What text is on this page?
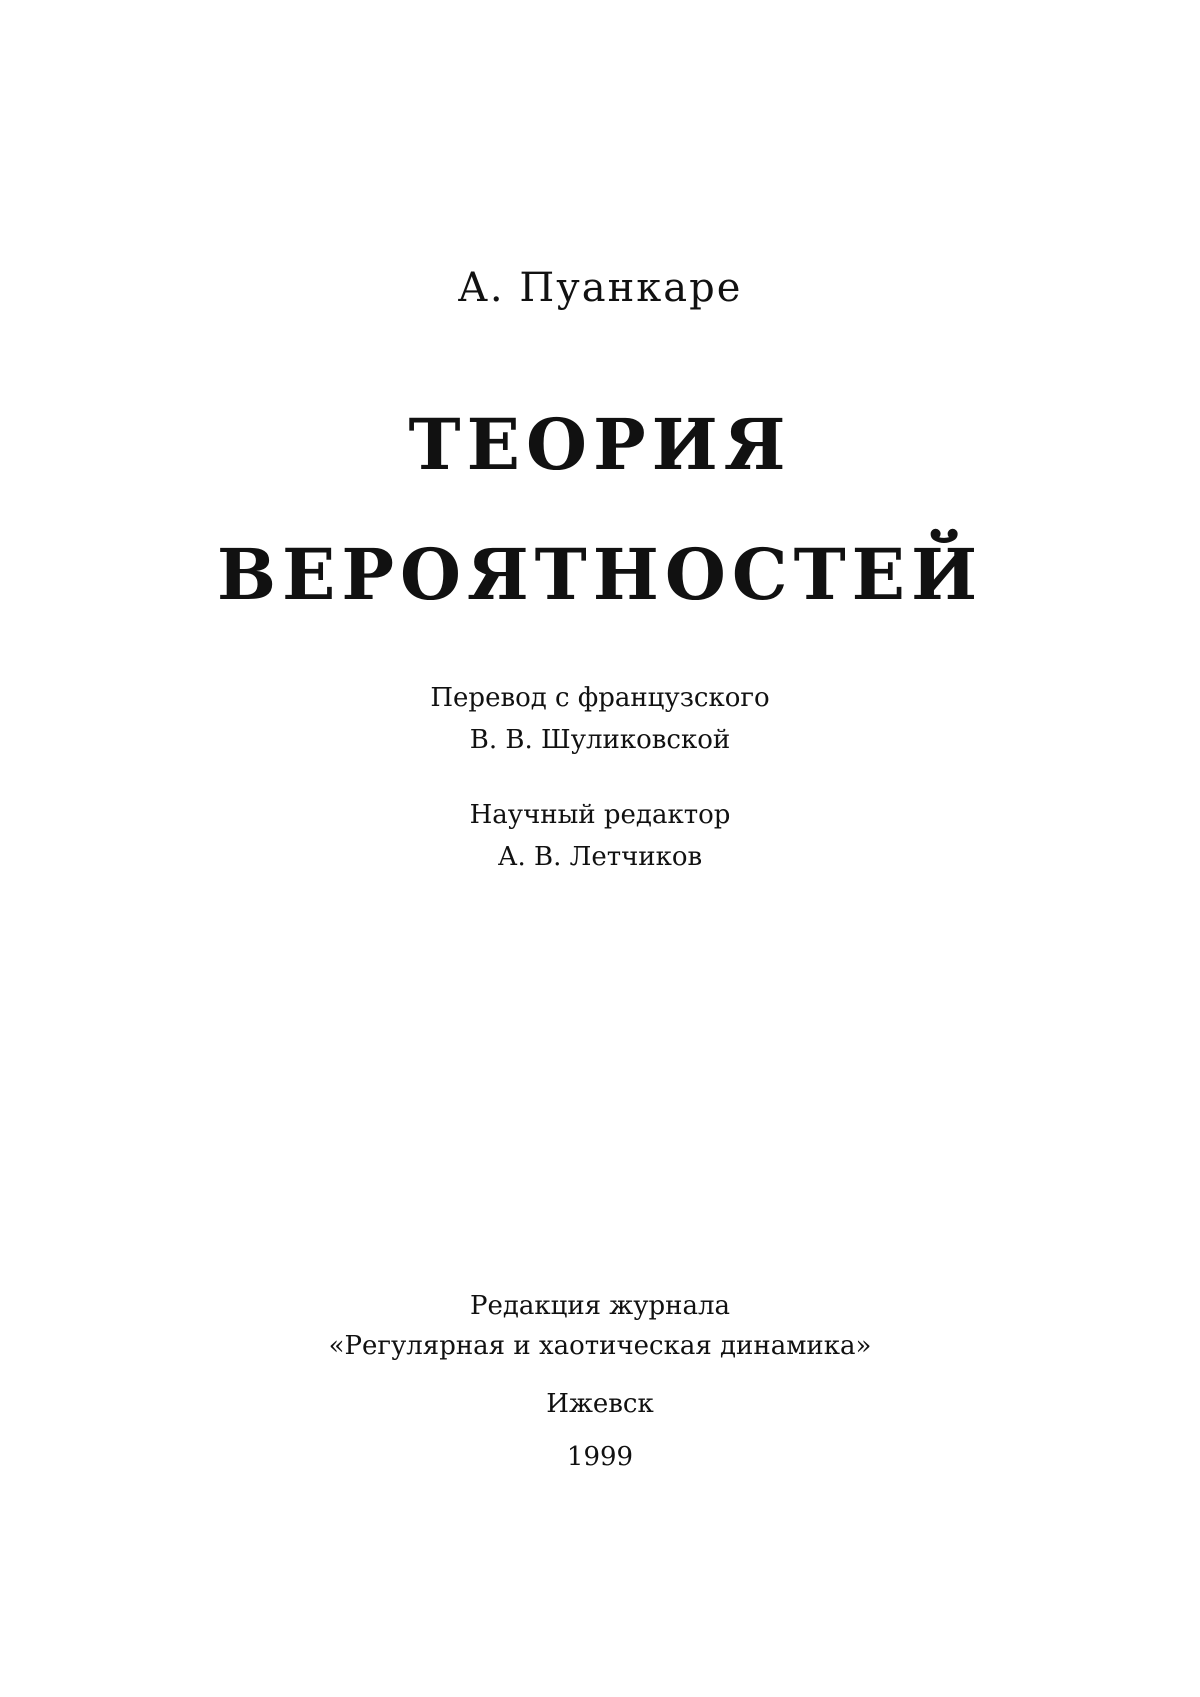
А. Пуанкаре
ТЕОРИЯ
ВЕРОЯТНОСТЕЙ
Перевод с французского
В. В. Шуликовской
Научный редактор
А. В. Летчиков
Редакция журнала
«Регулярная и хаотическая динамика»
Ижевск
1999
